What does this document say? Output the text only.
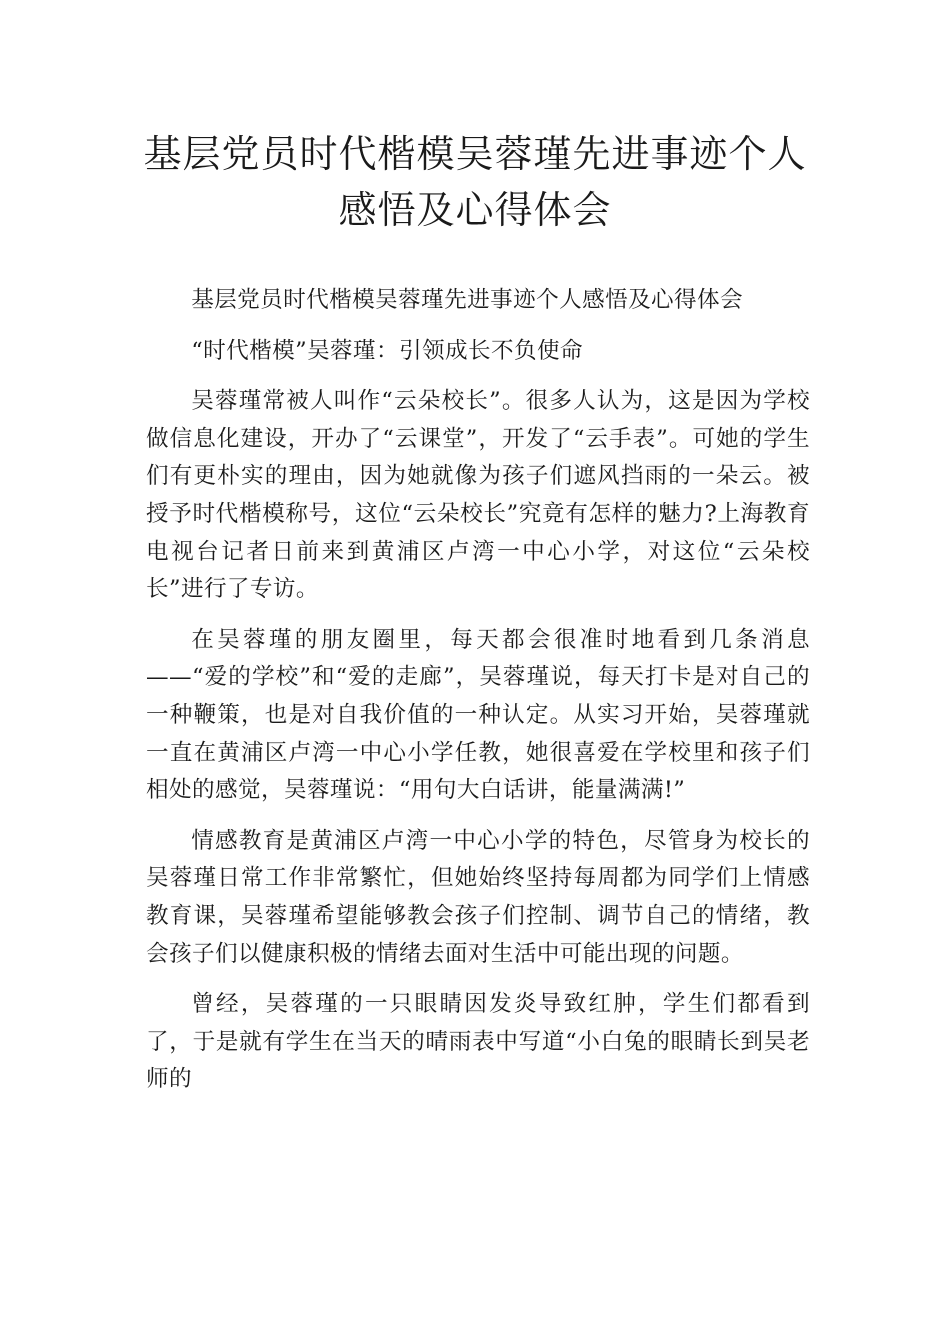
基层党员时代楷模吴蓉瑾先进事迹个人
感悟及心得体会

基层党员时代楷模吴蓉瑾先进事迹个人感悟及心得体会

“时代楷模”吴蓉瑾：引领成长不负使命

吴蓉瑾常被人叫作“云朵校长”。很多人认为，这是因为学校做信息化建设，开办了“云课堂”，开发了“云手表”。可她的学生们有更朴实的理由，因为她就像为孩子们遮风挡雨的一朵云。被授予时代楷模称号，这位“云朵校长”究竟有怎样的魅力?上海教育电视台记者日前来到黄浦区卢湾一中心小学，对这位“云朵校长”进行了专访。

在吴蓉瑾的朋友圈里，每天都会很准时地看到几条消息——“爱的学校”和“爱的走廊”，吴蓉瑾说，每天打卡是对自己的一种鞭策，也是对自我价值的一种认定。从实习开始，吴蓉瑾就一直在黄浦区卢湾一中心小学任教，她很喜爱在学校里和孩子们相处的感觉，吴蓉瑾说：“用句大白话讲，能量满满!”

情感教育是黄浦区卢湾一中心小学的特色，尽管身为校长的吴蓉瑾日常工作非常繁忙，但她始终坚持每周都为同学们上情感教育课，吴蓉瑾希望能够教会孩子们控制、调节自己的情绪，教会孩子们以健康积极的情绪去面对生活中可能出现的问题。

曾经，吴蓉瑾的一只眼睛因发炎导致红肿，学生们都看到了，于是就有学生在当天的晴雨表中写道“小白兔的眼睛长到吴老师的
